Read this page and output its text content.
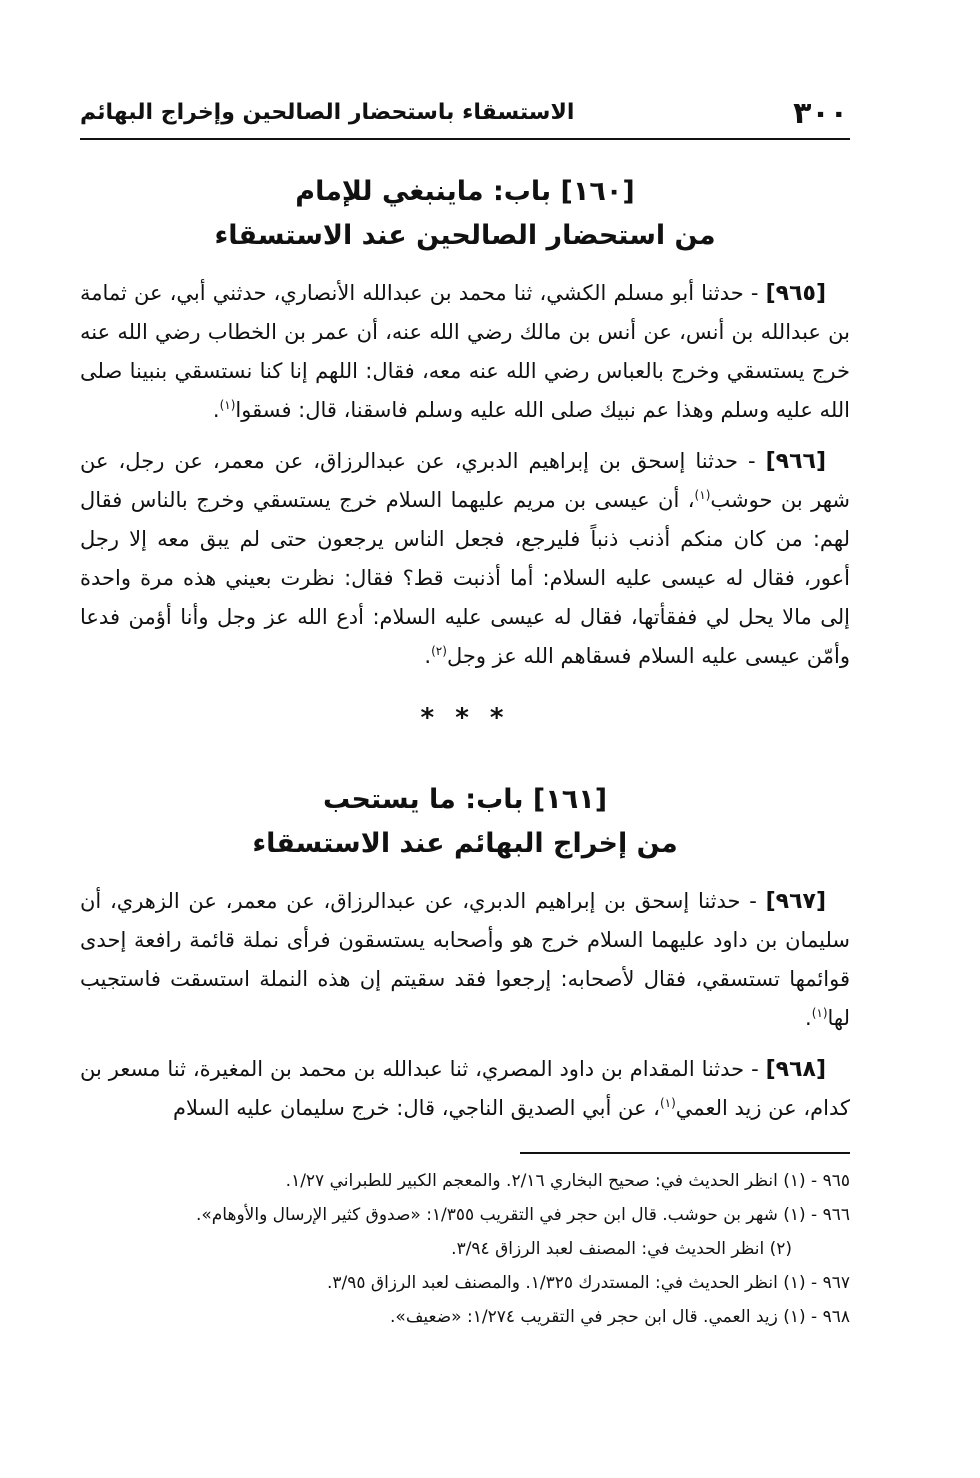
٣٠٠
الاستسقاء باستحضار الصالحين وإخراج البهائم
[١٦٠] باب: ماينبغي للإمام
من استحضار الصالحين عند الاستسقاء

[٩٦٥] - حدثنا أبو مسلم الكشي، ثنا محمد بن عبدالله الأنصاري، حدثني أبي، عن ثمامة بن عبدالله بن أنس، عن أنس بن مالك رضي الله عنه، أن عمر بن الخطاب رضي الله عنه خرج يستسقي وخرج بالعباس رضي الله عنه معه، فقال: اللهم إنا كنا نستسقي بنبينا صلى الله عليه وسلم وهذا عم نبيك صلى الله عليه وسلم فاسقنا، قال: فسقوا$^{(١)}$.

[٩٦٦] - حدثنا إسحق بن إبراهيم الدبري، عن عبدالرزاق، عن معمر، عن رجل، عن شهر بن حوشب$^{(١)}$، أن عيسى بن مريم عليهما السلام خرج يستسقي وخرج بالناس فقال لهم: من كان منكم أذنب ذنباً فليرجع، فجعل الناس يرجعون حتى لم يبق معه إلا رجل أعور، فقال له عيسى عليه السلام: أما أذنبت قط؟ فقال: نظرت بعيني هذه مرة واحدة إلى مالا يحل لي ففقأتها، فقال له عيسى عليه السلام: أدع الله عز وجل وأنا أؤمن فدعا وأمّن عيسى عليه السلام فسقاهم الله عز وجل$^{(٢)}$.

* * *
[١٦١] باب: ما يستحب
من إخراج البهائم عند الاستسقاء

[٩٦٧] - حدثنا إسحق بن إبراهيم الدبري، عن عبدالرزاق، عن معمر، عن الزهري، أن سليمان بن داود عليهما السلام خرج هو وأصحابه يستسقون فرأى نملة قائمة رافعة إحدى قوائمها تستسقي، فقال لأصحابه: إرجعوا فقد سقيتم إن هذه النملة استسقت فاستجيب لها$^{(١)}$.

[٩٦٨] - حدثنا المقدام بن داود المصري، ثنا عبدالله بن محمد بن المغيرة، ثنا مسعر بن كدام، عن زيد العمي$^{(١)}$، عن أبي الصديق الناجي، قال: خرج سليمان عليه السلام

٩٦٥ - (١) انظر الحديث في: صحيح البخاري ٢/١٦. والمعجم الكبير للطبراني ١/٢٧.

٩٦٦ - (١) شهر بن حوشب. قال ابن حجر في التقريب ١/٣٥٥: «صدوق كثير الإرسال والأوهام».

(٢) انظر الحديث في: المصنف لعبد الرزاق ٣/٩٤.

٩٦٧ - (١) انظر الحديث في: المستدرك ١/٣٢٥. والمصنف لعبد الرزاق ٣/٩٥.

٩٦٨ - (١) زيد العمي. قال ابن حجر في التقريب ١/٢٧٤: «ضعيف».
